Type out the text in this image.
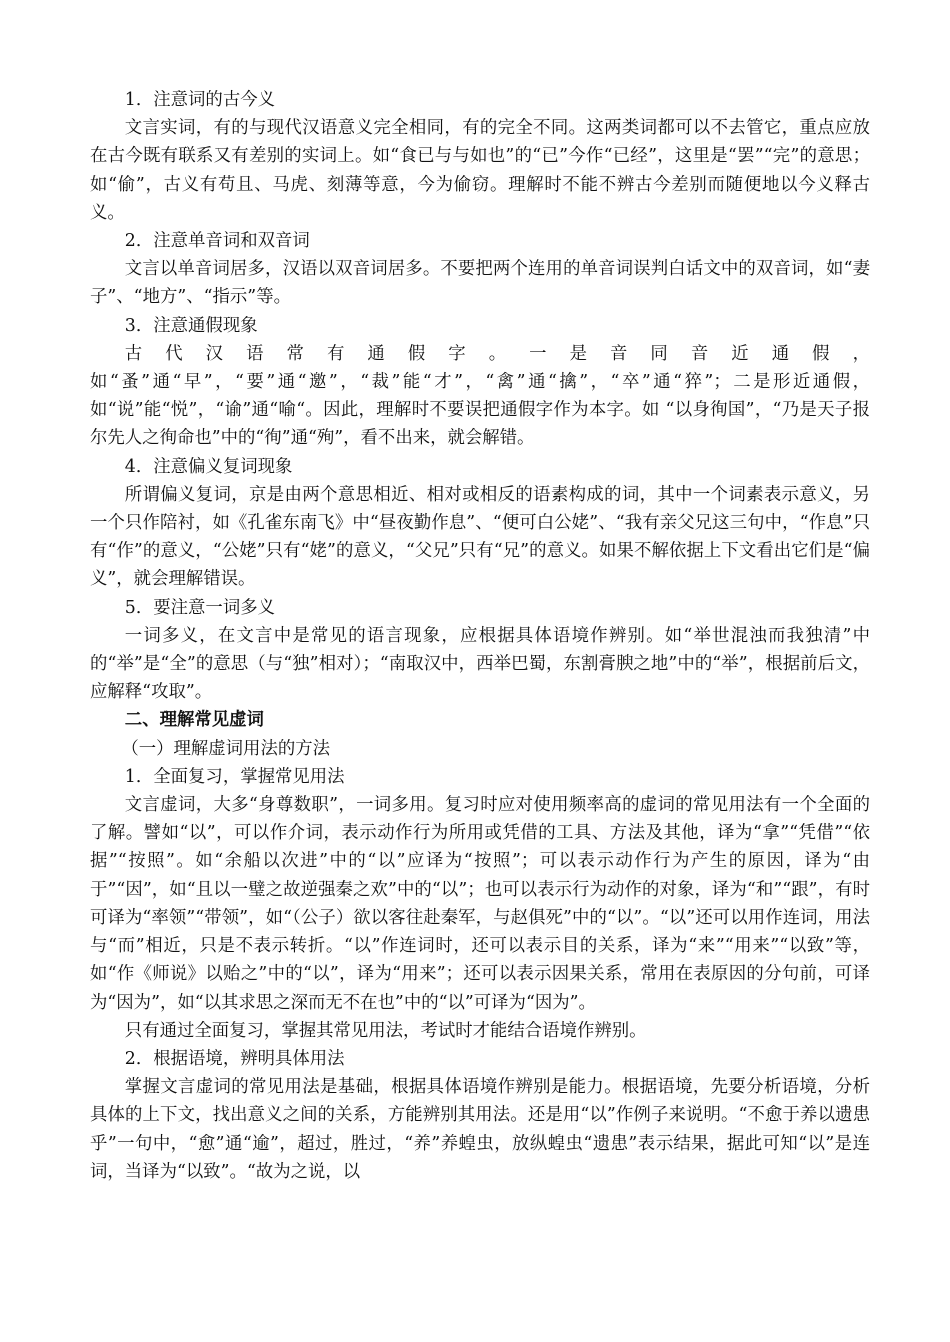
1．注意词的古今义

文言实词，有的与现代汉语意义完全相同，有的完全不同。这两类词都可以不去管它，重点应放在古今既有联系又有差别的实词上。如“食已与与如也”的“已”今作“已经”，这里是“罢”“完”的意思；如“偷”，古义有苟且、马虎、刻薄等意，今为偷窃。理解时不能不辨古今差别而随便地以今义释古义。

2．注意单音词和双音词

文言以单音词居多，汉语以双音词居多。不要把两个连用的单音词误判白话文中的双音词，如“妻子”、“地方”、“指示”等。

3．注意通假现象

古代汉语常有通假字。一是音同音近通假，如“蚤”通“早”，“要”通“邀”，“裁”能“才”，“禽”通“擒”，“卒”通“猝”；二是形近通假，如“说”能“悦”，“谕”通“喻“。因此，理解时不要误把通假字作为本字。如 “以身徇国”，“乃是天子报尔先人之徇命也”中的“徇”通“殉”，看不出来，就会解错。

4．注意偏义复词现象

所谓偏义复词，京是由两个意思相近、相对或相反的语素构成的词，其中一个词素表示意义，另一个只作陪衬，如《孔雀东南飞》中“昼夜勤作息”、“便可白公姥”、“我有亲父兄这三句中，“作息”只有“作”的意义，“公姥”只有“姥”的意义，“父兄”只有“兄”的意义。如果不解依据上下文看出它们是“偏义”，就会理解错误。

5．要注意一词多义

一词多义，在文言中是常见的语言现象，应根据具体语境作辨别。如“举世混浊而我独清”中的“举”是“全”的意思（与“独”相对）；“南取汉中，西举巴蜀，东割膏腴之地”中的“举”，根据前后文，应解释“攻取”。

二、理解常见虚词

（一）理解虚词用法的方法

1．全面复习，掌握常见用法

文言虚词，大多“身尊数职”，一词多用。复习时应对使用频率高的虚词的常见用法有一个全面的了解。譬如“以”，可以作介词，表示动作行为所用或凭借的工具、方法及其他，译为“拿”“凭借”“依据”“按照”。如“余船以次进”中的“以”应译为“按照”；可以表示动作行为产生的原因，译为“由于”“因”，如“且以一璧之故逆强秦之欢”中的“以”；也可以表示行为动作的对象，译为“和”“跟”，有时可译为“率领”“带领”，如“（公子）欲以客往赴秦军，与赵俱死”中的“以”。“以”还可以用作连词，用法与“而”相近，只是不表示转折。“以”作连词时，还可以表示目的关系，译为“来”“用来”“以致”等，如“作《师说》以贻之”中的“以”，译为“用来”；还可以表示因果关系，常用在表原因的分句前，可译为“因为”，如“以其求思之深而无不在也”中的“以”可译为“因为”。

只有通过全面复习，掌握其常见用法，考试时才能结合语境作辨别。

2．根据语境，辨明具体用法

掌握文言虚词的常见用法是基础，根据具体语境作辨别是能力。根据语境，先要分析语境，分析具体的上下文，找出意义之间的关系，方能辨别其用法。还是用“以”作例子来说明。“不愈于养以遗患乎”一句中，“愈”通“逾”，超过，胜过，“养”养蝗虫，放纵蝗虫“遗患”表示结果，据此可知“以”是连词，当译为“以致”。“故为之说，以
